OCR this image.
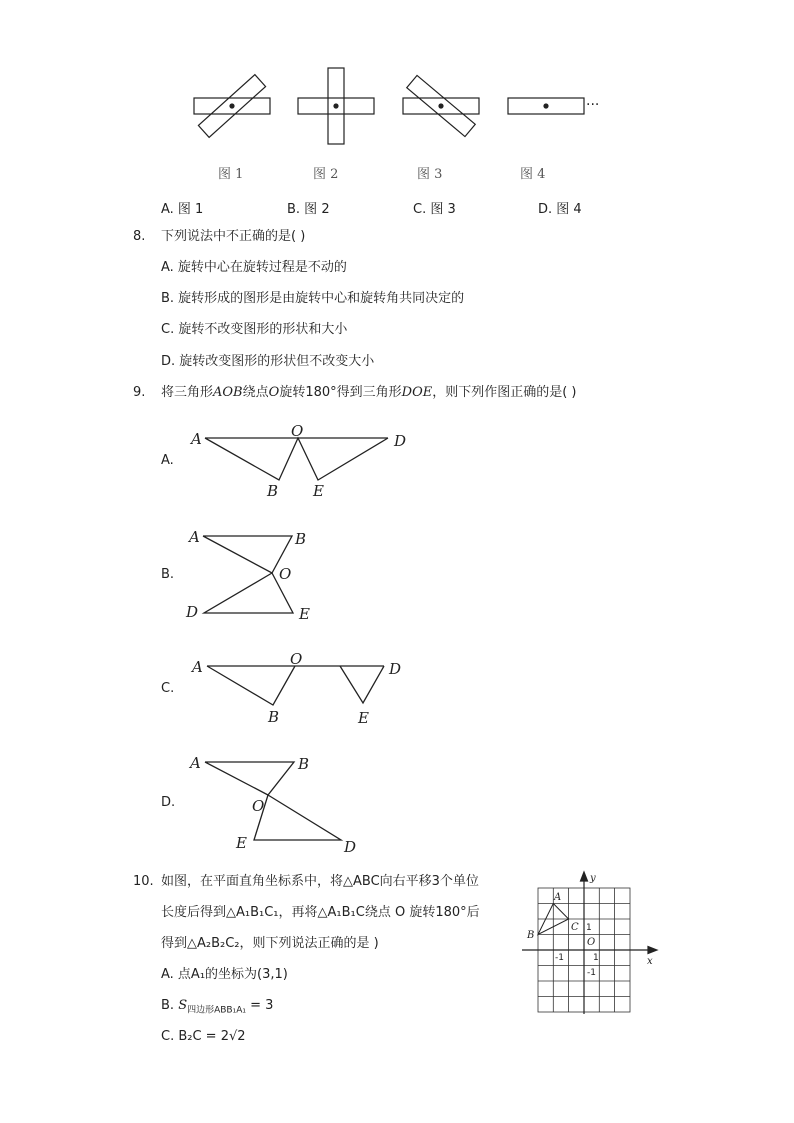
···
图 1	图 2	图 3	图 4
A. 图 1	B. 图 2	C. 图 3	D. 图 4
8. 下列说法中不正确的是( )
A. 旋转中心在旋转过程是不动的
B. 旋转形成的图形是由旋转中心和旋转角共同决定的
C. 旋转不改变图形的形状和大小
D. 旋转改变图形的形状但不改变大小
9. 将三角形AOB绕点O旋转180°得到三角形DOE，则下列作图正确的是( )
A.
A	O
D
B E
B.
A	B
O
D	E
C.
A	O
D
B	E
D.
A	B
O
E	D
10. 如图，在平面直角坐标系中，将△ABC向右平移3个单位
长度后得到△A₁B₁C₁，再将△A₁B₁C绕点 O 旋转180°后
得到△A₂B₂C₂，则下列说法正确的是 )
A. 点A₁的坐标为(3,1)
B. $S_{四边形ABB_1A_1} = 3$
C. B₂C = 2√2
y
x
A
B
C 1
O
-1	1
-1
